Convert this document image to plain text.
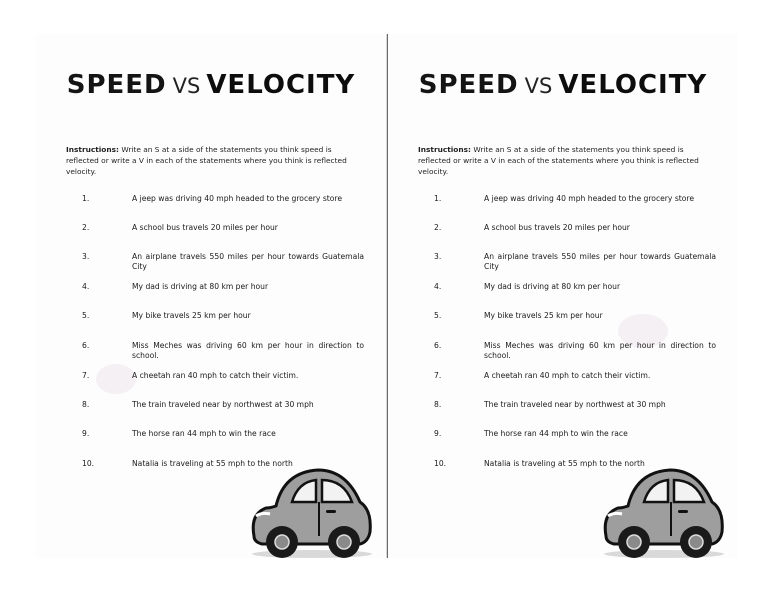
SPEED VS VELOCITY
Instructions: Write an S at a side of the statements you think speed is reflected or write a V in each of the statements where you think is reflected velocity.
1.	A jeep was driving 40 mph headed to the grocery store
2.	A school bus travels 20 miles per hour
3.	An airplane travels 550 miles per hour towards Guatemala City
4.	My dad is driving at 80 km per hour
5.	My bike travels 25 km per hour
6.	Miss Meches was driving 60 km per hour in direction to school.
7.	A cheetah ran 40 mph to catch their victim.
8.	The train traveled near by northwest at 30 mph
9.	The horse ran 44 mph to win the race
10.	Natalia is traveling at 55 mph to the north
SPEED VS VELOCITY
Instructions: Write an S at a side of the statements you think speed is reflected or write a V in each of the statements where you think is reflected velocity.
1.	A jeep was driving 40 mph headed to the grocery store
2.	A school bus travels 20 miles per hour
3.	An airplane travels 550 miles per hour towards Guatemala City
4.	My dad is driving at 80 km per hour
5.	My bike travels 25 km per hour
6.	Miss Meches was driving 60 km per hour in direction to school.
7.	A cheetah ran 40 mph to catch their victim.
8.	The train traveled near by northwest at 30 mph
9.	The horse ran 44 mph to win the race
10.	Natalia is traveling at 55 mph to the north
